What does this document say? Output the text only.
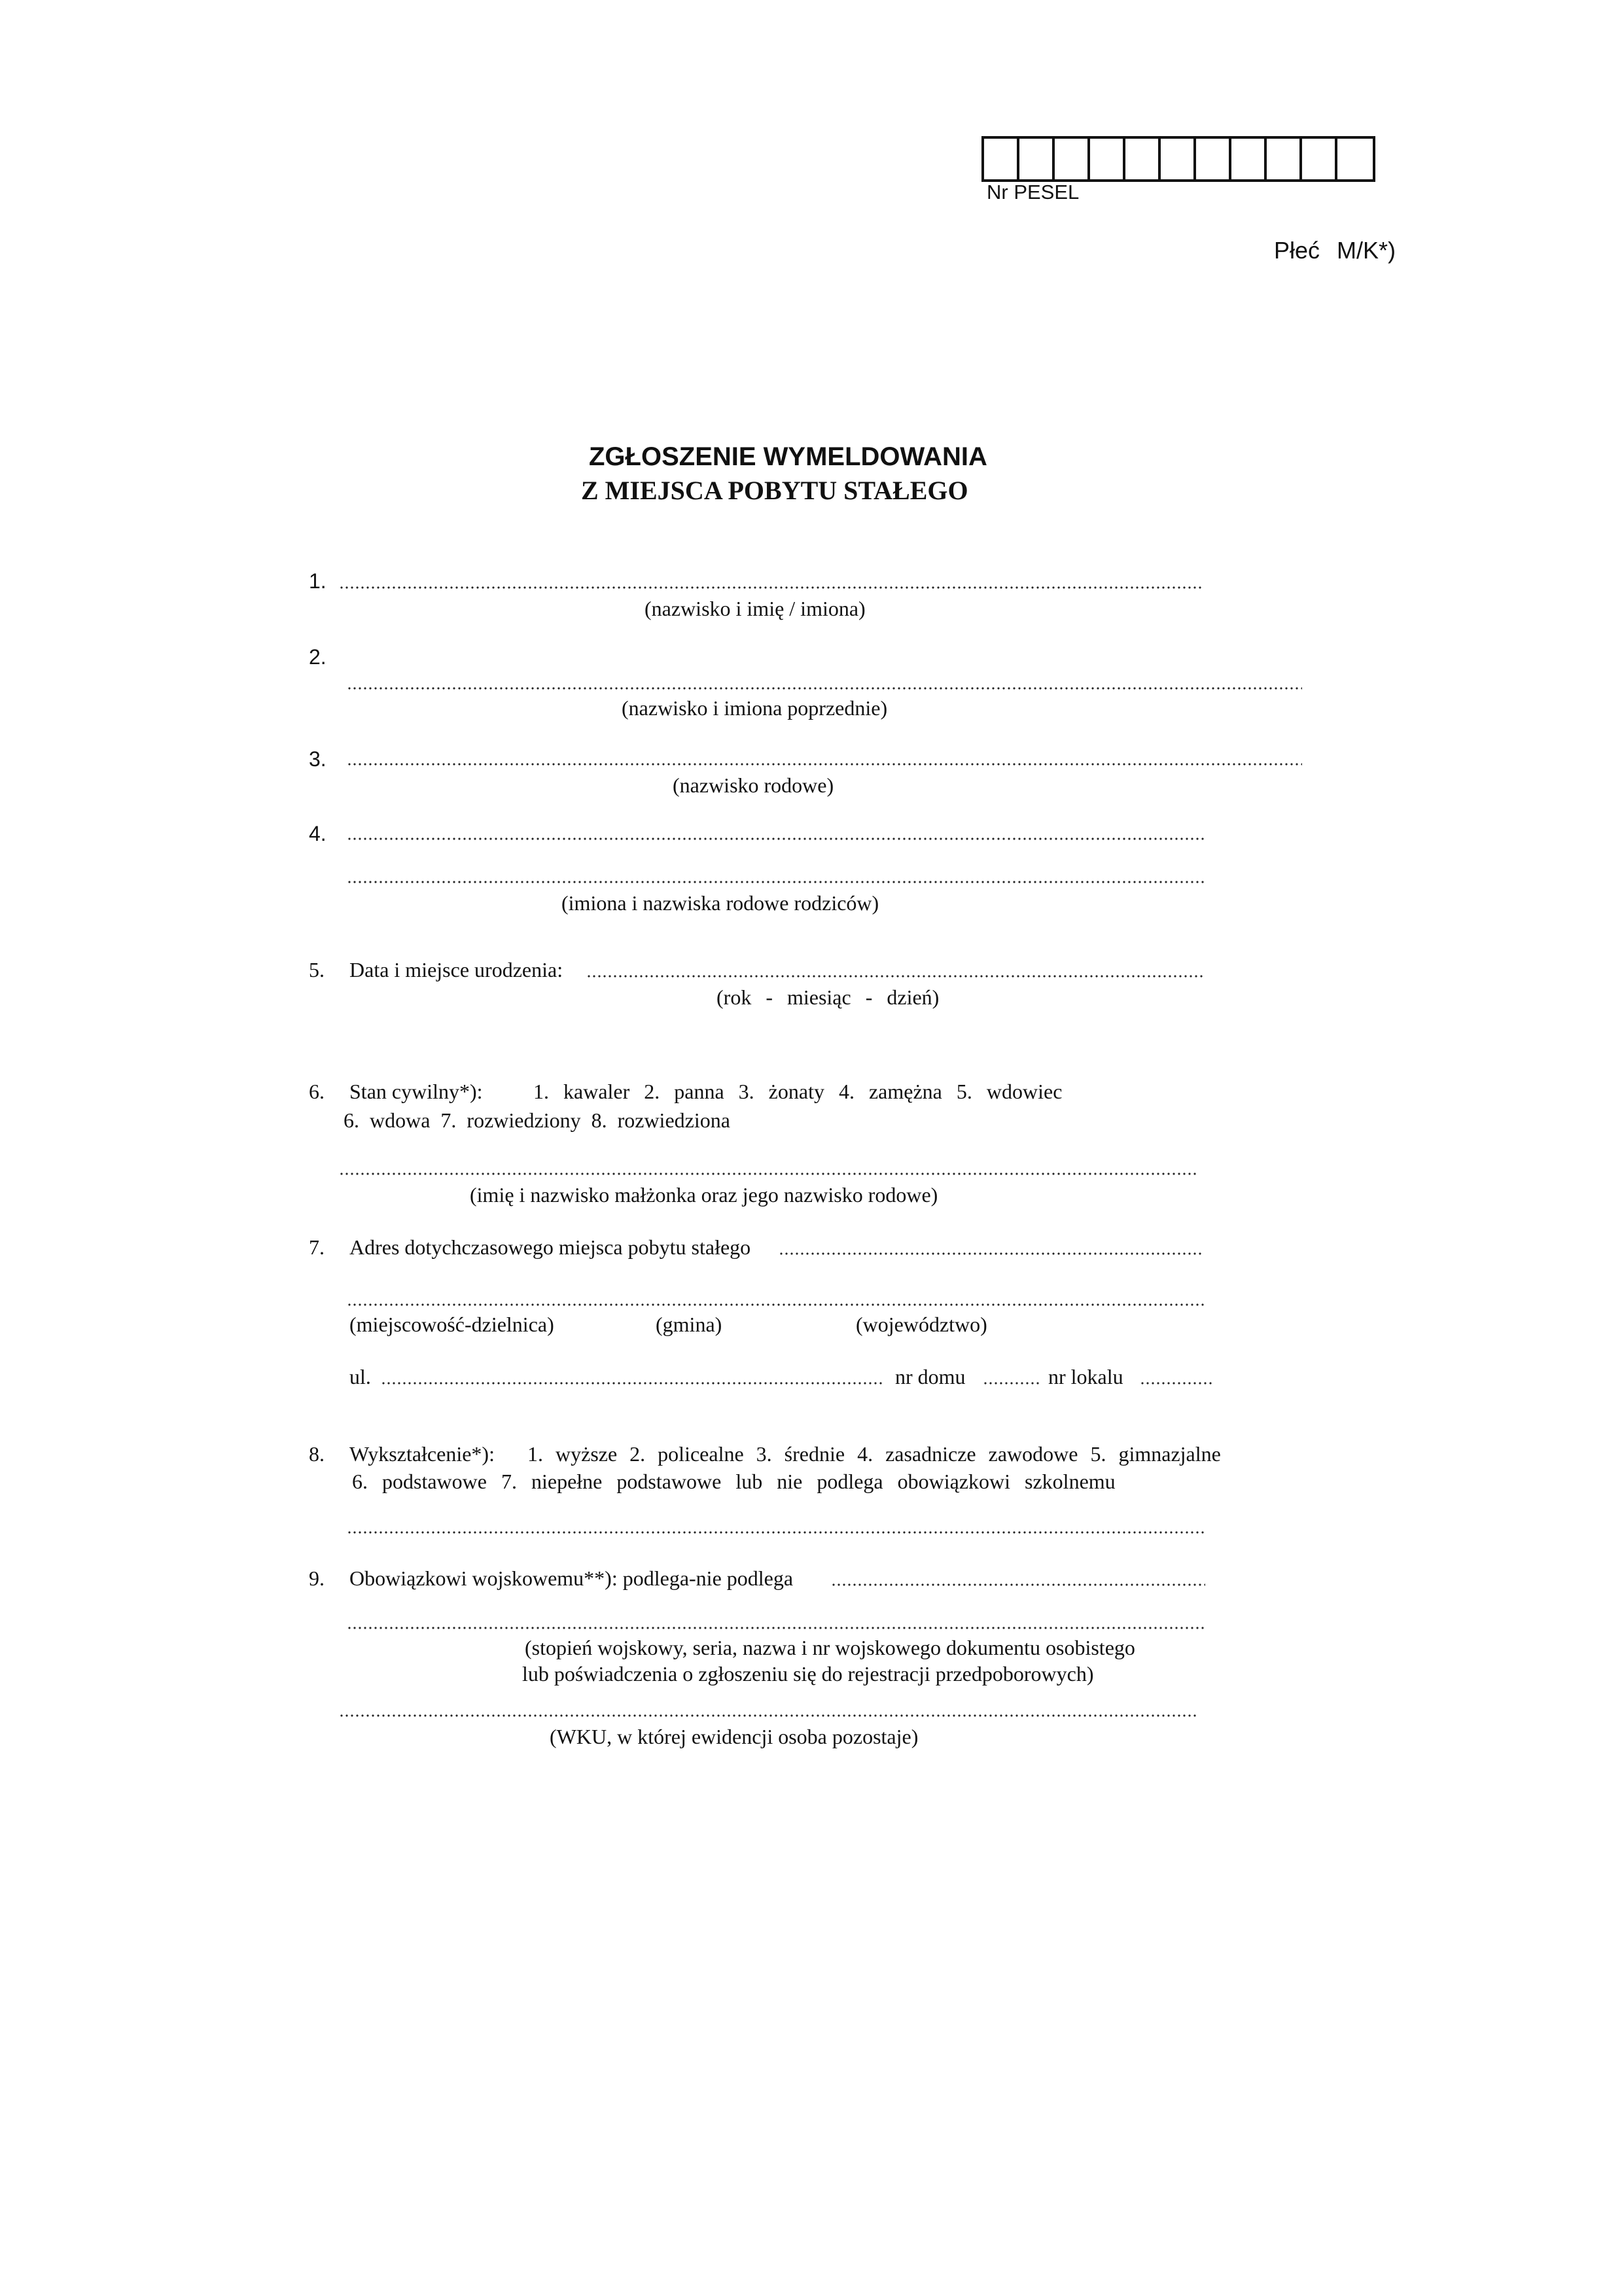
Nr PESEL
Płeć M/K*)
ZGŁOSZENIE WYMELDOWANIA
Z MIEJSCA POBYTU STAŁEGO
1.
(nazwisko i imię / imiona)
2.
(nazwisko i imiona poprzednie)
3.
(nazwisko rodowe)
4.
(imiona i nazwiska rodowe rodziców)
5. Data i miejsce urodzenia:
(rok - miesiąc - dzień)
6. Stan cywilny*): 1. kawaler 2. panna 3. żonaty 4. zamężna 5. wdowiec
6. wdowa 7. rozwiedziony 8. rozwiedziona
(imię i nazwisko małżonka oraz jego nazwisko rodowe)
7. Adres dotychczasowego miejsca pobytu stałego
(miejscowość-dzielnica)	(gmina)	(województwo)
ul.	nr domu	nr lokalu
8. Wykształcenie*): 1. wyższe 2. policealne 3. średnie 4. zasadnicze zawodowe 5. gimnazjalne
6. podstawowe 7. niepełne podstawowe lub nie podlega obowiązkowi szkolnemu
9. Obowiązkowi wojskowemu**): podlega-nie podlega
(stopień wojskowy, seria, nazwa i nr wojskowego dokumentu osobistego
lub poświadczenia o zgłoszeniu się do rejestracji przedpoborowych)
(WKU, w której ewidencji osoba pozostaje)
